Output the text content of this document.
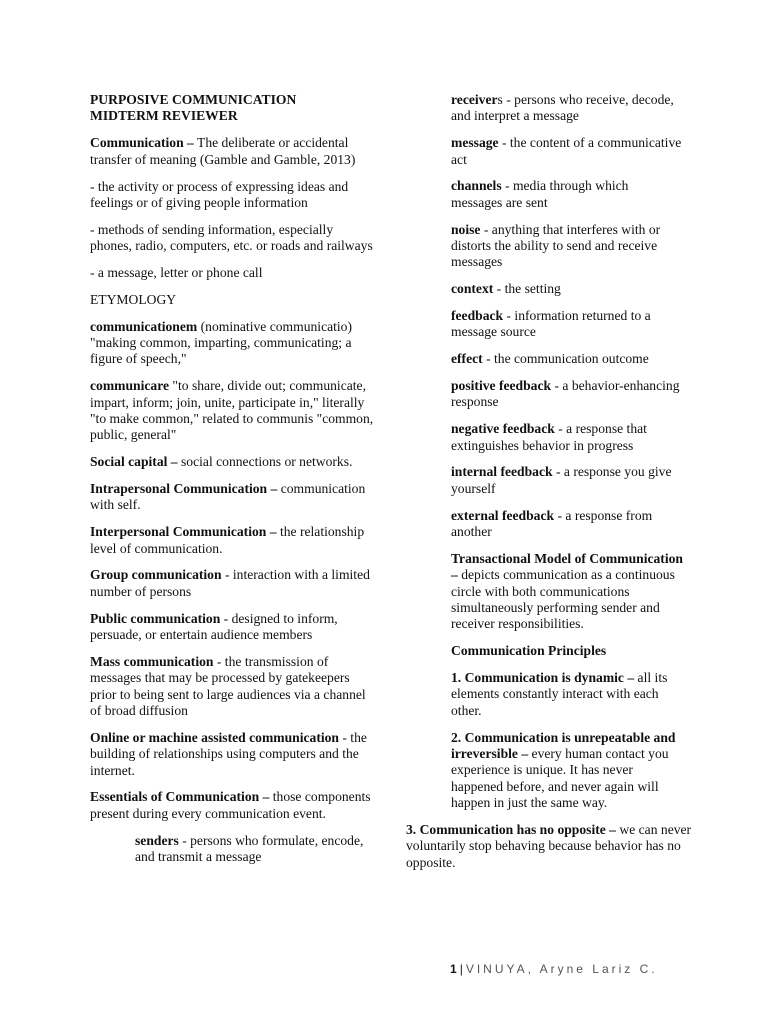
PURPOSIVE COMMUNICATION
MIDTERM REVIEWER

Communication – The deliberate or accidental transfer of meaning (Gamble and Gamble, 2013)

- the activity or process of expressing ideas and feelings or of giving people information

- methods of sending information, especially phones, radio, computers, etc. or roads and railways

- a message, letter or phone call

ETYMOLOGY

communicationem (nominative communicatio) "making common, imparting, communicating; a figure of speech,"

communicare "to share, divide out; communicate, impart, inform; join, unite, participate in," literally "to make common," related to communis "common, public, general"

Social capital – social connections or networks.

Intrapersonal Communication – communication with self.

Interpersonal Communication – the relationship level of communication.

Group communication - interaction with a limited number of persons

Public communication - designed to inform, persuade, or entertain audience members

Mass communication - the transmission of messages that may be processed by gatekeepers prior to being sent to large audiences via a channel of broad diffusion

Online or machine assisted communication - the building of relationships using computers and the internet.

Essentials of Communication – those components present during every communication event.

senders - persons who formulate, encode, and transmit a message

receivers - persons who receive, decode, and interpret a message

message - the content of a communicative act

channels - media through which messages are sent

noise - anything that interferes with or distorts the ability to send and receive messages

context - the setting

feedback - information returned to a message source

effect - the communication outcome

positive feedback - a behavior-enhancing response

negative feedback - a response that extinguishes behavior in progress

internal feedback - a response you give yourself

external feedback - a response from another

Transactional Model of Communication – depicts communication as a continuous circle with both communications simultaneously performing sender and receiver responsibilities.

Communication Principles

1. Communication is dynamic – all its elements constantly interact with each other.

2. Communication is unrepeatable and irreversible – every human contact you experience is unique. It has never happened before, and never again will happen in just the same way.

3. Communication has no opposite – we can never voluntarily stop behaving because behavior has no opposite.

1 | VINUYA, Aryne Lariz C.
